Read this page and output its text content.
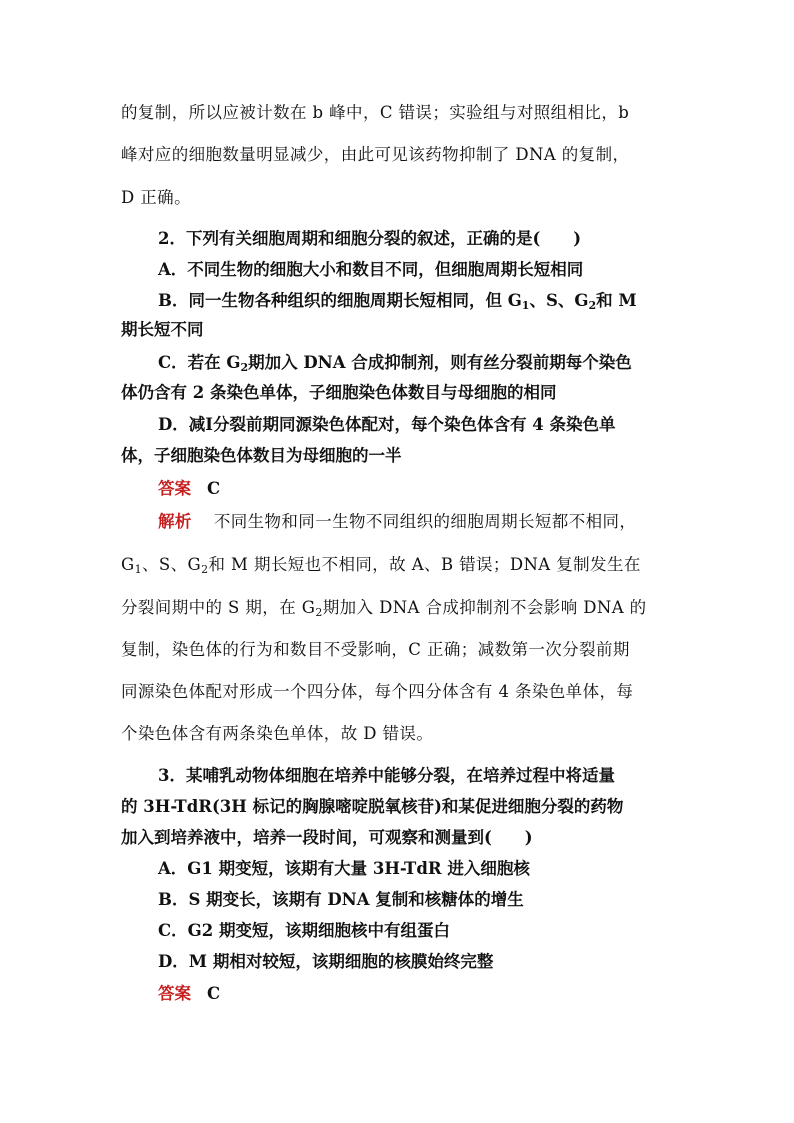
的复制，所以应被计数在 b 峰中，C 错误；实验组与对照组相比，b
峰对应的细胞数量明显减少，由此可见该药物抑制了 DNA 的复制，
D 正确。
2．下列有关细胞周期和细胞分裂的叙述，正确的是(　　)
A．不同生物的细胞大小和数目不同，但细胞周期长短相同
B．同一生物各种组织的细胞周期长短相同，但 $G_1$、S、$G_2$和 M
期长短不同
C．若在 $G_2$期加入 DNA 合成抑制剂，则有丝分裂前期每个染色
体仍含有 2 条染色单体，子细胞染色体数目与母细胞的相同
D．减Ⅰ分裂前期同源染色体配对，每个染色体含有 4 条染色单
体，子细胞染色体数目为母细胞的一半
答案 C
解析 不同生物和同一生物不同组织的细胞周期长短都不相同，
$G_1$、S、$G_2$和 M 期长短也不相同，故 A、B 错误；DNA 复制发生在
分裂间期中的 S 期，在 $G_2$期加入 DNA 合成抑制剂不会影响 DNA 的
复制，染色体的行为和数目不受影响，C 正确；减数第一次分裂前期
同源染色体配对形成一个四分体，每个四分体含有 4 条染色单体，每
个染色体含有两条染色单体，故 D 错误。
3．某哺乳动物体细胞在培养中能够分裂，在培养过程中将适量
的 3H-TdR(3H 标记的胸腺嘧啶脱氧核苷)和某促进细胞分裂的药物
加入到培养液中，培养一段时间，可观察和测量到(　　)
A．G1 期变短，该期有大量 3H-TdR 进入细胞核
B．S 期变长，该期有 DNA 复制和核糖体的增生
C．G2 期变短，该期细胞核中有组蛋白
D．M 期相对较短，该期细胞的核膜始终完整
答案 C
